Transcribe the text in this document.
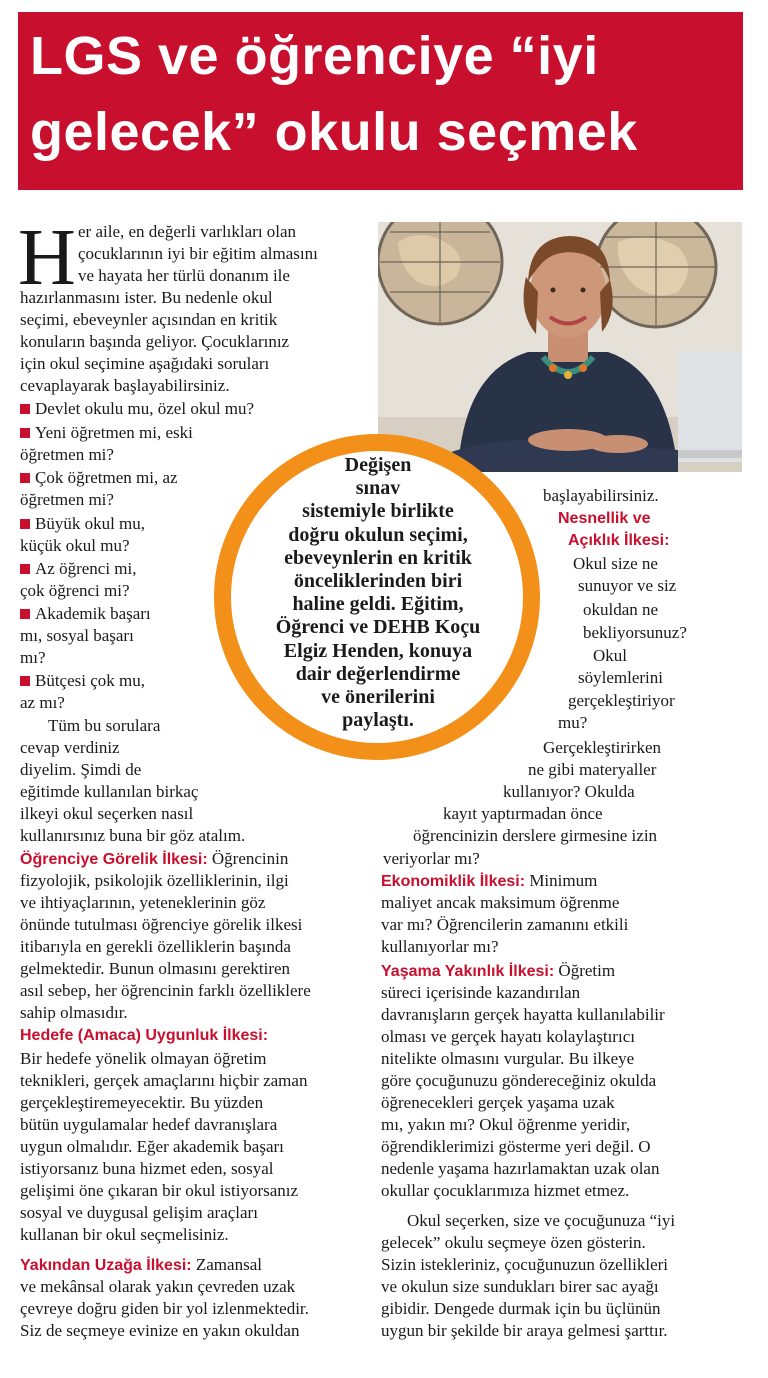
LGS ve öğrenciye “iyi
gelecek” okulu seçmek
H er aile, en değerli varlıkları olan
çocuklarının iyi bir eğitim almasını
ve hayata her türlü donanım ile
hazırlanmasını ister. Bu nedenle okul
seçimi, ebeveynler açısından en kritik
konuların başında geliyor. Çocuklarınız
için okul seçimine aşağıdaki soruları
cevaplayarak başlayabilirsiniz.
Devlet okulu mu, özel okul mu?
Yeni öğretmen mi, eski
öğretmen mi?
Çok öğretmen mi, az
öğretmen mi?
Büyük okul mu,
küçük okul mu?
Az öğrenci mi,
çok öğrenci mi?
Akademik başarı
mı, sosyal başarı
mı?
Bütçesi çok mu,
az mı?
Tüm bu sorulara
cevap verdiniz
diyelim. Şimdi de
eğitimde kullanılan birkaç
ilkeyi okul seçerken nasıl
kullanırsınız buna bir göz atalım.
Öğrenciye Görelik İlkesi: Öğrencinin
fizyolojik, psikolojik özelliklerinin, ilgi
ve ihtiyaçlarının, yeteneklerinin göz
önünde tutulması öğrenciye görelik ilkesi
itibarıyla en gerekli özelliklerin başında
gelmektedir. Bunun olmasını gerektiren
asıl sebep, her öğrencinin farklı özelliklere
sahip olmasıdır.
Hedefe (Amaca) Uygunluk İlkesi:
Bir hedefe yönelik olmayan öğretim
teknikleri, gerçek amaçlarını hiçbir zaman
gerçekleştiremeyecektir. Bu yüzden
bütün uygulamalar hedef davranışlara
uygun olmalıdır. Eğer akademik başarı
istiyorsanız buna hizmet eden, sosyal
gelişimi öne çıkaran bir okul istiyorsanız
sosyal ve duygusal gelişim araçları
kullanan bir okul seçmelisiniz.
Yakından Uzağa İlkesi: Zamansal
ve mekânsal olarak yakın çevreden uzak
çevreye doğru giden bir yol izlenmektedir.
Siz de seçmeye evinize en yakın okuldan
başlayabilirsiniz.
Nesnellik ve
Açıklık İlkesi:
Okul size ne
sunuyor ve siz
okuldan ne
bekliyorsunuz?
Okul
söylemlerini
gerçekleştiriyor
mu?
Gerçekleştirirken
ne gibi materyaller
kullanıyor? Okulda
kayıt yaptırmadan önce
öğrencinizin derslere girmesine izin
veriyorlar mı?
Ekonomiklik İlkesi: Minimum
maliyet ancak maksimum öğrenme
var mı? Öğrencilerin zamanını etkili
kullanıyorlar mı?
Yaşama Yakınlık İlkesi: Öğretim
süreci içerisinde kazandırılan
davranışların gerçek hayatta kullanılabilir
olması ve gerçek hayatı kolaylaştırıcı
nitelikte olmasını vurgular. Bu ilkeye
göre çocuğunuzu göndereceğiniz okulda
öğrenecekleri gerçek yaşama uzak
mı, yakın mı? Okul öğrenme yeridir,
öğrendiklerimizi gösterme yeri değil. O
nedenle yaşama hazırlamaktan uzak olan
okullar çocuklarımıza hizmet etmez.
Okul seçerken, size ve çocuğunuza “iyi
gelecek” okulu seçmeye özen gösterin.
Sizin istekleriniz, çocuğunuzun özellikleri
ve okulun size sundukları birer sac ayağı
gibidir. Dengede durmak için bu üçlünün
uygun bir şekilde bir araya gelmesi şarttır.

Değişen
sınav
sistemiyle birlikte
doğru okulun seçimi,
ebeveynlerin en kritik
önceliklerinden biri
haline geldi. Eğitim,
Öğrenci ve DEHB Koçu
Elgiz Henden, konuya
dair değerlendirme
ve önerilerini
paylaştı.
